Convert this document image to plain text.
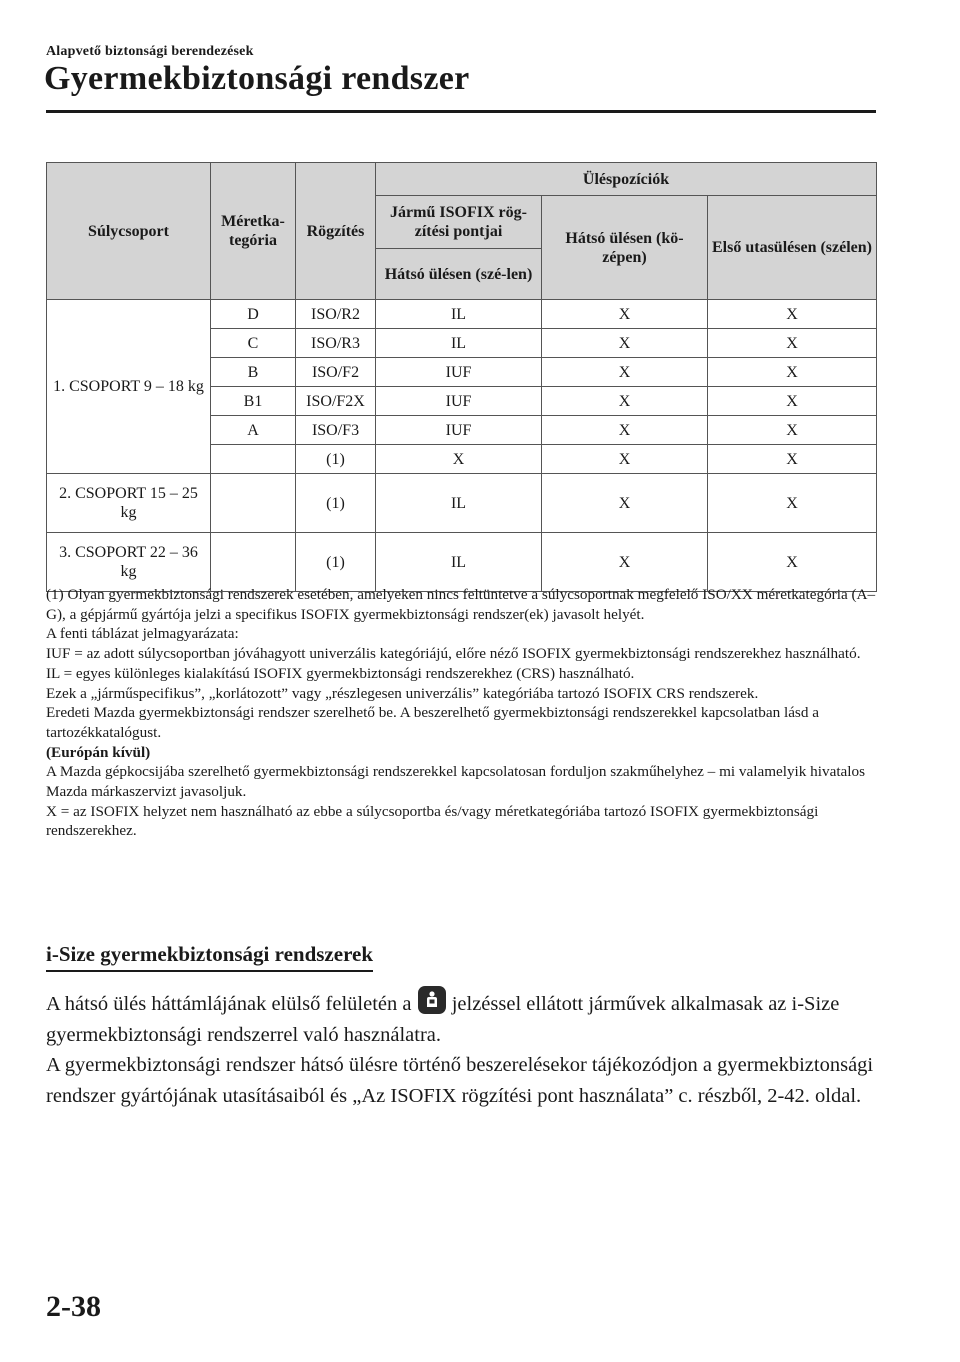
Alapvető biztonsági berendezések
Gyermekbiztonsági rendszer
Súlycsoport	Méretka-tegória	Rögzítés	Üléspozíciók		
			Jármű ISOFIX rög-zítési pontjai	Hátsó ülésen (kö-zépen)	Első utasülésen (szélen)
			Hátsó ülésen (szé-len)		
1. CSOPORT 9 – 18 kg	D	ISO/R2	IL	X	X
	C	ISO/R3	IL	X	X
	B	ISO/F2	IUF	X	X
	B1	ISO/F2X	IUF	X	X
	A	ISO/F3	IUF	X	X
		(1)	X	X	X
2. CSOPORT 15 – 25 kg		(1)	IL	X	X
3. CSOPORT 22 – 36 kg		(1)	IL	X	X

(1) Olyan gyermekbiztonsági rendszerek esetében, amelyeken nincs feltüntetve a súlycsoportnak megfelelő ISO/XX méretkategória (A–G), a gépjármű gyártója jelzi a specifikus ISOFIX gyermekbiztonsági rendszer(ek) javasolt helyét.

A fenti táblázat jelmagyarázata:

IUF = az adott súlycsoportban jóváhagyott univerzális kategóriájú, előre néző ISOFIX gyermekbiztonsági rendszerekhez használható.

IL = egyes különleges kialakítású ISOFIX gyermekbiztonsági rendszerekhez (CRS) használható.

Ezek a „járműspecifikus”, „korlátozott” vagy „részlegesen univerzális” kategóriába tartozó ISOFIX CRS rendszerek.

Eredeti Mazda gyermekbiztonsági rendszer szerelhető be. A beszerelhető gyermekbiztonsági rendszerekkel kapcsolatban lásd a tartozékkatalógust.

(Európán kívül)

A Mazda gépkocsijába szerelhető gyermekbiztonsági rendszerekkel kapcsolatosan forduljon szakműhelyhez – mi valamelyik hivatalos Mazda márkaszervizt javasoljuk.

X = az ISOFIX helyzet nem használható az ebbe a súlycsoportba és/vagy méretkategóriába tartozó ISOFIX gyermekbiztonsági rendszerekhez.

i-Size gyermekbiztonsági rendszerek

A hátsó ülés háttámlájának elülső felületén a jelzéssel ellátott járművek alkalmasak az i-Size gyermekbiztonsági rendszerrel való használatra.

A gyermekbiztonsági rendszer hátsó ülésre történő beszerelésekor tájékozódjon a gyermekbiztonsági rendszer gyártójának utasításaiból és „Az ISOFIX rögzítési pont használata” c. részből, 2-42. oldal.

2-38
